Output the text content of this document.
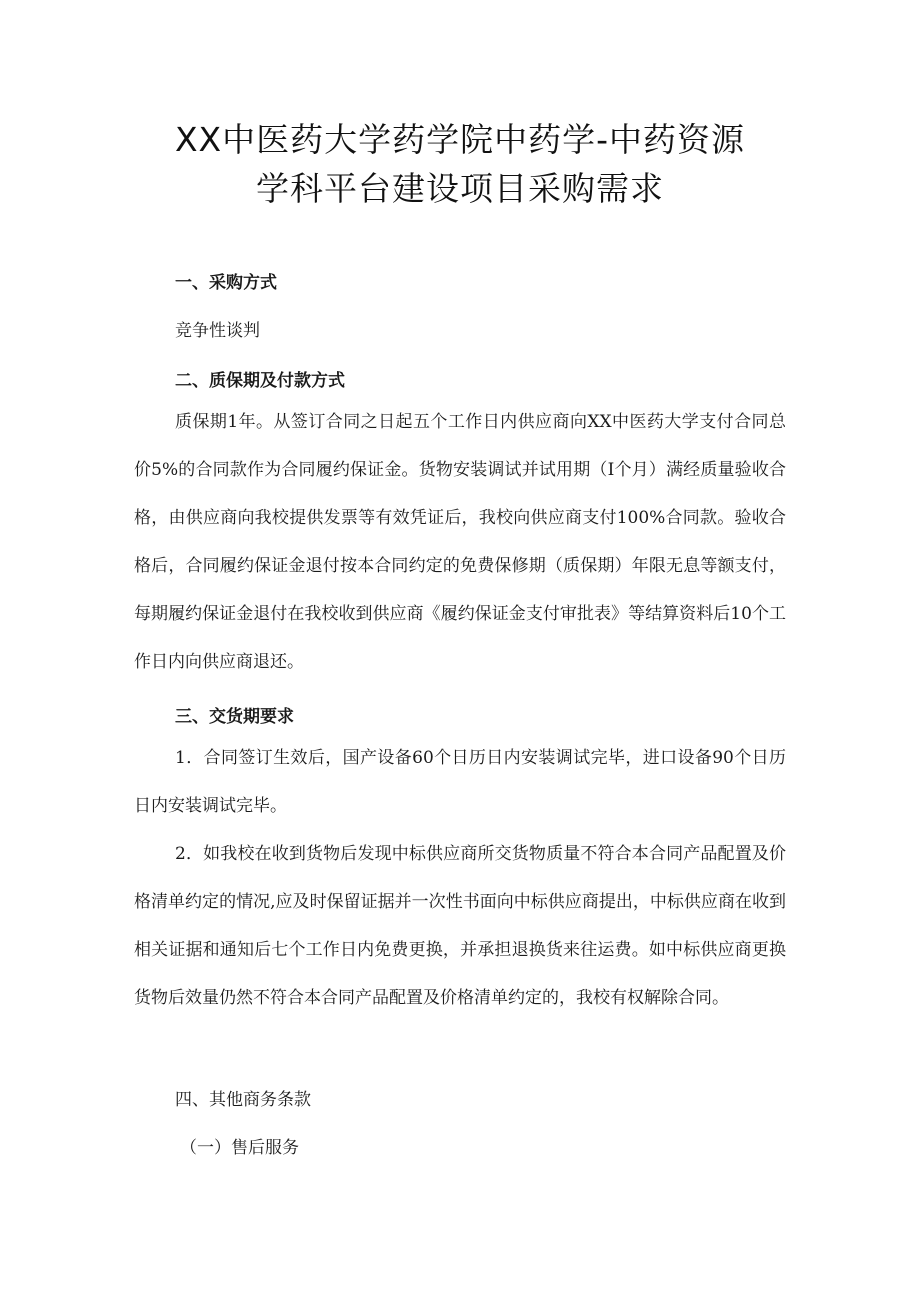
XX中医药大学药学院中药学-中药资源
学科平台建设项目采购需求
一、采购方式

竞争性谈判

二、质保期及付款方式

质保期1年。从签订合同之日起五个工作日内供应商向XX中医药大学支付合同总价5%的合同款作为合同履约保证金。货物安装调试并试用期（I个月）满经质量验收合格，由供应商向我校提供发票等有效凭证后，我校向供应商支付100%合同款。验收合格后，合同履约保证金退付按本合同约定的免费保修期（质保期）年限无息等额支付，每期履约保证金退付在我校收到供应商《履约保证金支付审批表》等结算资料后10个工作日内向供应商退还。

三、交货期要求

1．合同签订生效后，国产设备60个日历日内安装调试完毕，进口设备90个日历日内安装调试完毕。

2．如我校在收到货物后发现中标供应商所交货物质量不符合本合同产品配置及价格清单约定的情况,应及时保留证据并一次性书面向中标供应商提出，中标供应商在收到相关证据和通知后七个工作日内免费更换，并承担退换货来往运费。如中标供应商更换货物后效量仍然不符合本合同产品配置及价格清单约定的，我校有权解除合同。

四、其他商务条款

（一）售后服务
